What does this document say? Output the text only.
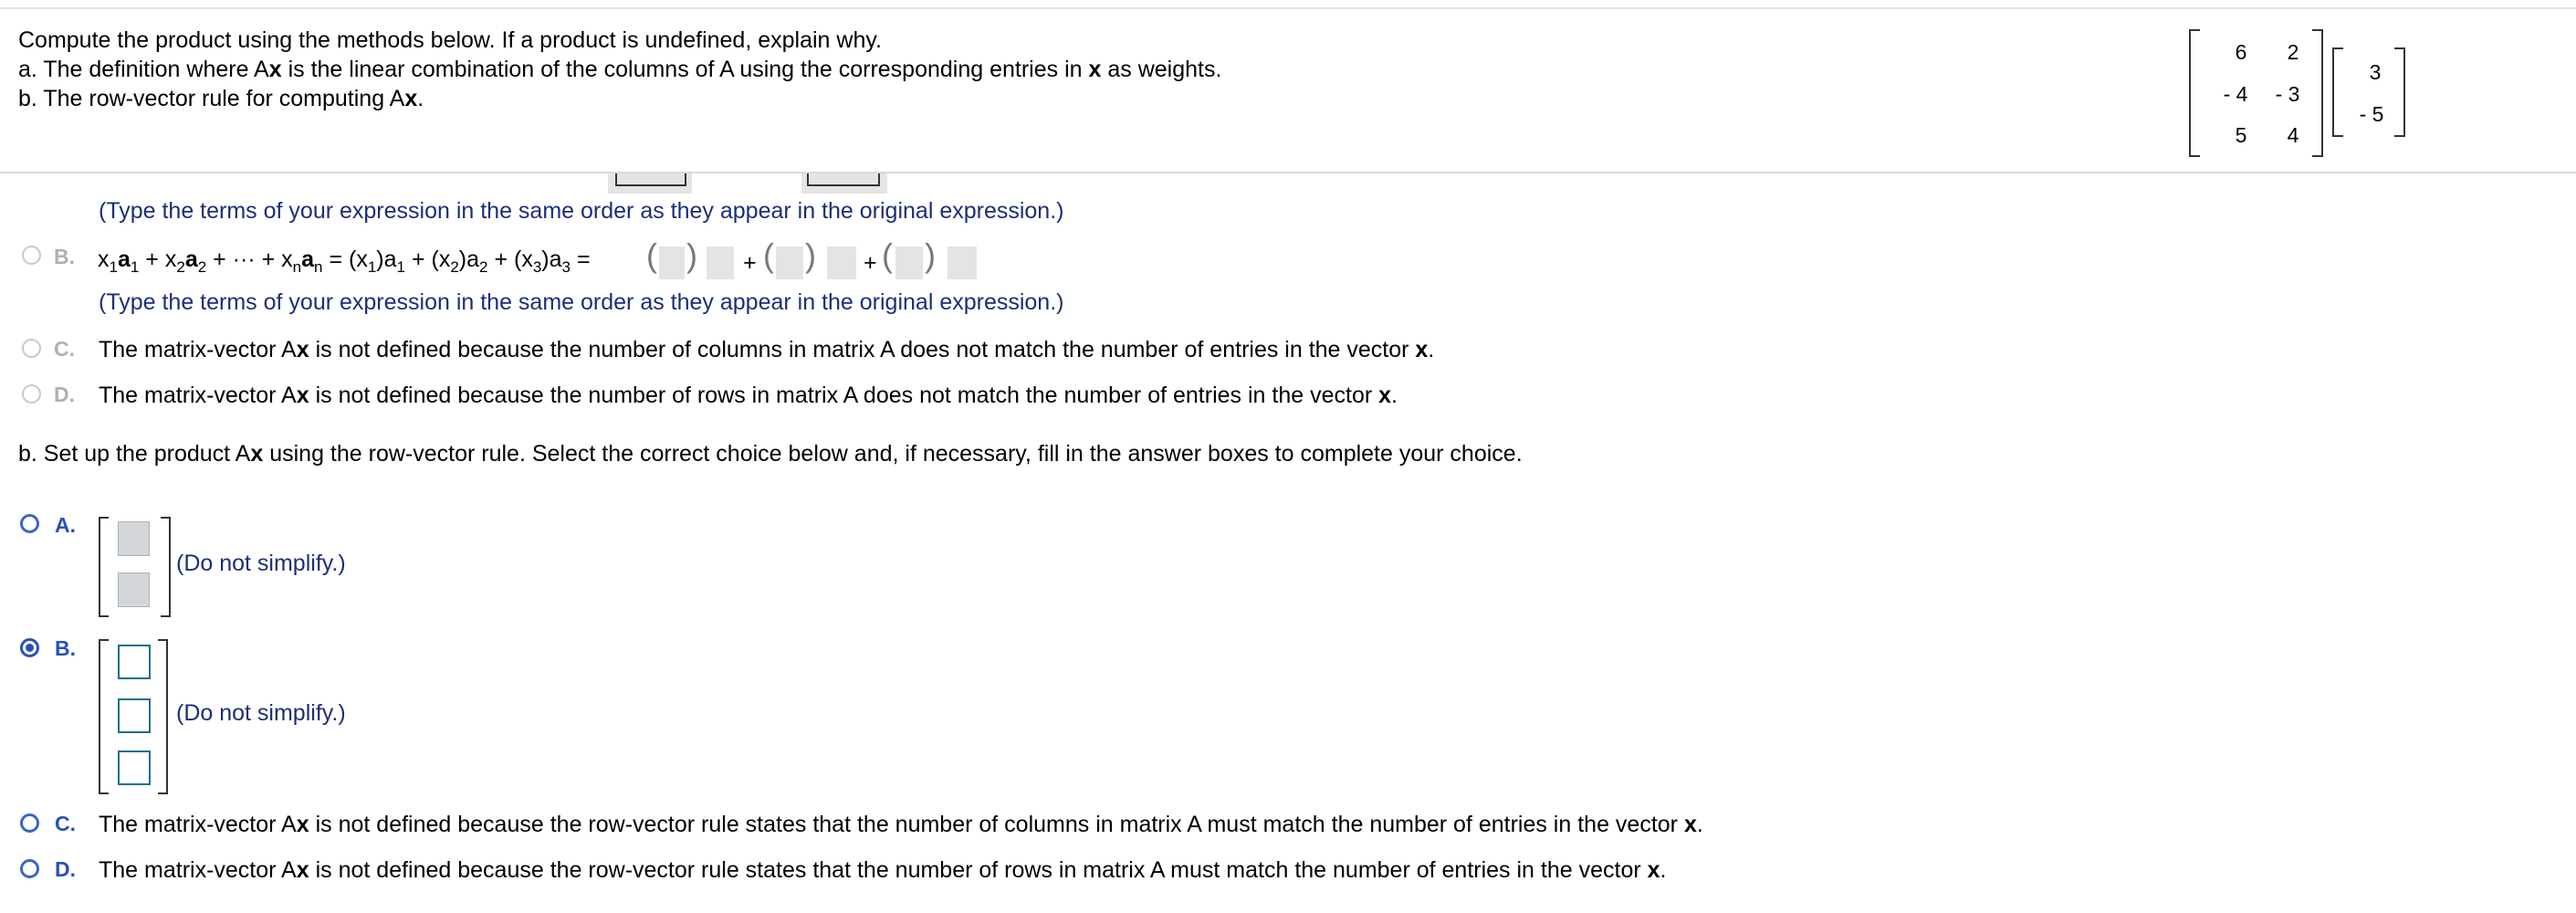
Compute the product using the methods below. If a product is undefined, explain why.
a. The definition where Ax is the linear combination of the columns of A using the corresponding entries in x as weights.
b. The row-vector rule for computing Ax.
6	2
- 4	- 3
5	4
3
- 5
(Type the terms of your expression in the same order as they appear in the original expression.)
B. $x_1a_1 + x_2a_2$ + ··· + $x_na_n = (x_1)a_1 + (x_2)a_2 + (x_3)a_3$ = ( ) + ( ) + ( )
(Type the terms of your expression in the same order as they appear in the original expression.)
C. The matrix-vector Ax is not defined because the number of columns in matrix A does not match the number of entries in the vector x.
D. The matrix-vector Ax is not defined because the number of rows in matrix A does not match the number of entries in the vector x.
b. Set up the product Ax using the row-vector rule. Select the correct choice below and, if necessary, fill in the answer boxes to complete your choice.
A.
(Do not simplify.)
B.
(Do not simplify.)
C. The matrix-vector Ax is not defined because the row-vector rule states that the number of columns in matrix A must match the number of entries in the vector x.
D. The matrix-vector Ax is not defined because the row-vector rule states that the number of rows in matrix A must match the number of entries in the vector x.
